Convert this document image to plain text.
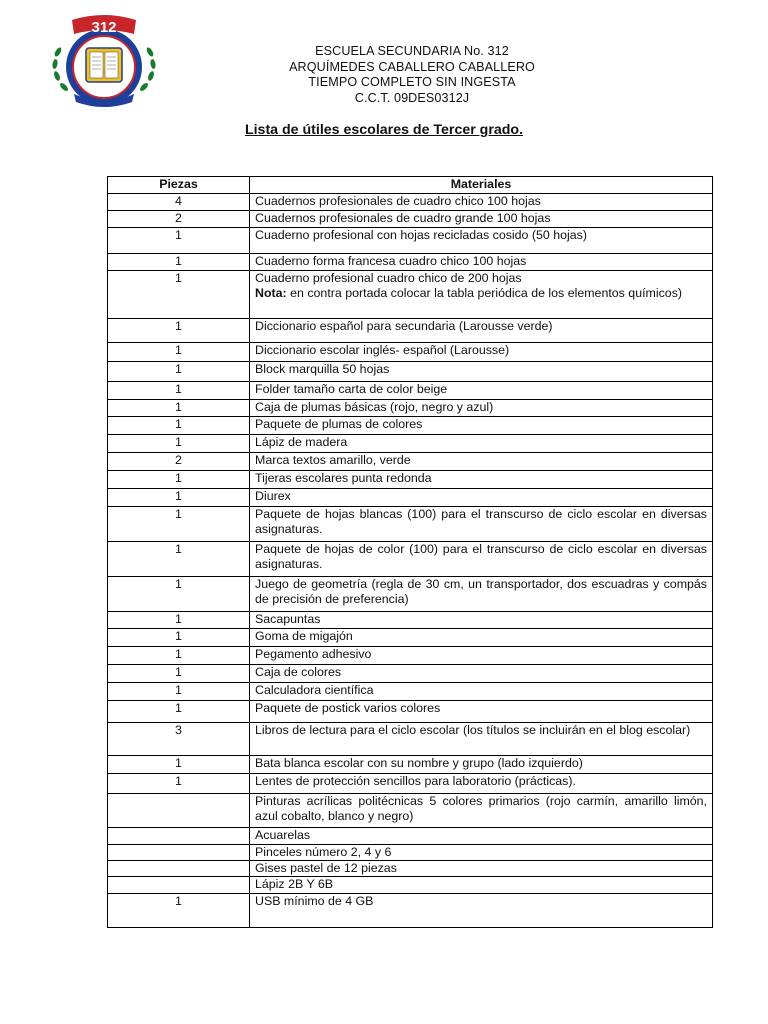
312
ESCUELA SECUNDARIA No. 312
ARQUÍMEDES CABALLERO CABALLERO
TIEMPO COMPLETO SIN INGESTA
C.C.T. 09DES0312J
Lista de útiles escolares de Tercer grado.
Piezas	Materiales
4	Cuadernos profesionales de cuadro chico 100 hojas
2	Cuadernos profesionales de cuadro grande 100 hojas
1	Cuaderno profesional con hojas recicladas cosido (50 hojas)
1	Cuaderno forma francesa cuadro chico 100 hojas
1	Cuaderno profesional cuadro chico de 200 hojas
Nota: en contra portada colocar la tabla periódica de los elementos químicos)

1	Diccionario español para secundaria (Larousse verde)
1	Diccionario escolar inglés- español (Larousse)
1	Block marquilla 50 hojas
1	Folder tamaño carta de color beige
1	Caja de plumas básicas (rojo, negro y azul)
1	Paquete de plumas de colores
1	Lápiz de madera
2	Marca textos amarillo, verde
1	Tijeras escolares punta redonda
1	Diurex
1	Paquete de hojas blancas (100) para el transcurso de ciclo escolar en diversas asignaturas.
1	Paquete de hojas de color (100) para el transcurso de ciclo escolar en diversas asignaturas.
1	Juego de geometría (regla de 30 cm, un transportador, dos escuadras y compás de precisión de preferencia)
1	Sacapuntas
1	Goma de migajón
1	Pegamento adhesivo
1	Caja de colores
1	Calculadora científica
1	Paquete de postick varios colores
3	Libros de lectura para el ciclo escolar (los títulos se incluirán en el blog escolar)
1	Bata blanca escolar con su nombre y grupo (lado izquierdo)
1	Lentes de protección sencillos para laboratorio (prácticas).
	Pinturas acrílicas politécnicas 5 colores primarios (rojo carmín, amarillo limón, azul cobalto, blanco y negro)
	Acuarelas
	Pinceles número 2, 4 y 6
	Gises pastel de 12 piezas
	Lápiz 2B Y 6B
1	USB mínimo de 4 GB
